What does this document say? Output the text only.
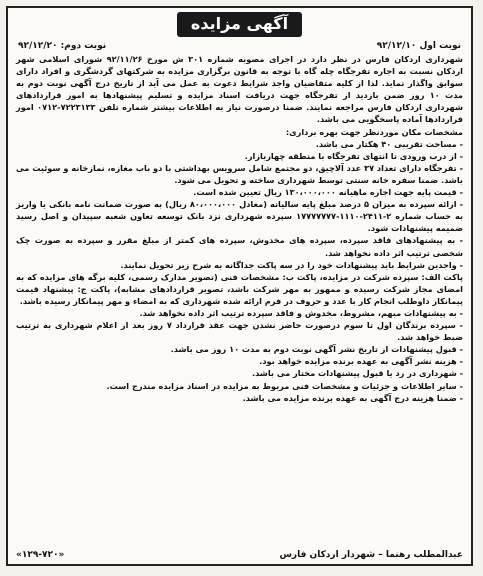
آگهی مزایده
نوبت اول ۹۲/۱۲/۱۰
نوبت دوم: ۹۲/۱۲/۲۰

شهرداری اردکان فارس در نظر دارد در اجرای مصوبه شماره ۳۰۱ ش مورخ ۹۲/۱۱/۲۶ شورای اسلامی شهر اردکان نسبت به اجاره تفرجگاه چله گاه با توجه به قانون برگزاری مزایده به شرکتهای گردشگری و افراد دارای سوابق واگذار نماید. لذا از کلیه متقاضیان واجد شرایط دعوت به عمل می آید از تاریخ درج آگهی نوبت دوم به مدت ۱۰ روز ضمن بازدید از تفرجگاه جهت دریافت اسناد مزایده و تسلیم پیشنهادها به امور قراردادهای شهرداری اردکان فارس مراجعه نمایند. ضمنا درصورت نیاز به اطلاعات بیشتر شماره تلفن ۷۲۲۳۱۳۳-۰۷۱۲ امور قراردادها آماده پاسخگویی می باشد.

مشخصات مکان موردنظر جهت بهره برداری:

- مساحت تقریبی ۴۰ هکتار می باشد.

- از درب ورودی تا انتهای تفرجگاه با منطقه چهاربازار.

- تفرجگاه دارای تعداد ۳۷ عدد آلاچیق، دو مجتمع شامل سرویس بهداشتی با دو باب مغازه، نمازخانه و سوئیت می باشد. ضمنا سفره خانه سنتی توسط شهرداری ساخته و تحویل می شود.

- قیمت پایه جهت اجاره ماهیانه ۱۳۰،۰۰۰،۰۰۰ ریال تعیین شده است.

- ارائه سپرده به میزان ۵ درصد مبلغ پایه سالیانه (معادل ۸۰،۰۰۰،۰۰۰ ریال) به صورت ضمانت نامه بانکی یا واریز به حساب شماره ۲-۲۴۱۱-۱۱۱۰-۱۷۷۷۷۷۷۷ سپرده شهرداری نزد بانک توسعه تعاون شعبه سپیدان و اصل رسید ضمیمه پیشنهادات شود.

- به پیشنهادهای فاقد سپرده، سپرده های مخدوش، سپرده های کمتر از مبلغ مقرر و سپرده به صورت چک شخصی ترتیب اثر داده نخواهد شد.

- واجدین شرایط باید پیشنهادات خود را در سه پاکت جداگانه به شرح زیر تحویل نمایند.

پاکت الف: سپرده شرکت در مزایده، پاکت ب: مشخصات فنی (تصویر مدارک رسمی، کلیه برگه های مزایده که به امضای مجاز شرکت رسیده و ممهور به مهر شرکت باشد، تصویر قراردادهای مشابه)، پاکت ج: پیشنهاد قیمت پیمانکار داوطلب انجام کار با عدد و حروف در فرم ارائه شده شهرداری که به امضاء و مهر پیمانکار رسیده باشد.

- به پیشنهادات مبهم، مشروط، مخدوش و فاقد سپرده ترتیب اثر داده نخواهد شد.

- سپرده برندگان اول تا سوم درصورت حاضر نشدن جهت عقد قرارداد ۷ روز بعد از اعلام شهرداری به ترتیب ضبط خواهد شد.

- قبول پیشنهادات از تاریخ نشر آگهی نوبت دوم به مدت ۱۰ روز می باشد.

- هزینه نشر آگهی به عهده برنده مزایده خواهد بود.

- شهرداری در رد یا قبول پیشنهادات مختار می باشد.

- سایر اطلاعات و جزئیات و مشخصات فنی مربوط به مزایده در اسناد مزایده مندرج است.

- ضمنا هزینه درج آگهی به عهده برنده مزایده می باشد.

عبدالمطلب رهنما – شهردار اردکان فارس
«۱۲۹-۷۲۰»
